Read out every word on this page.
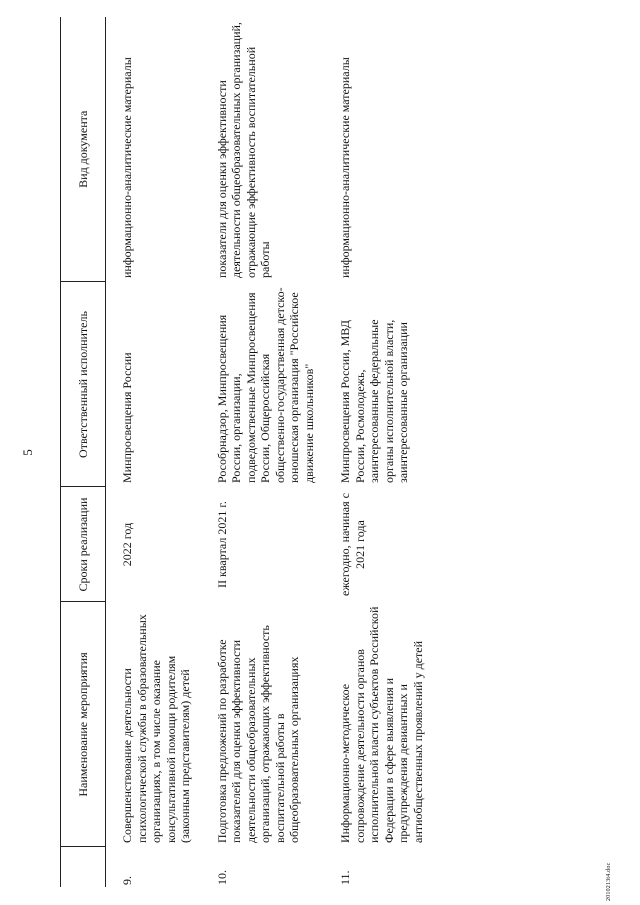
5
	Наименование мероприятия	Сроки реализации	Ответственный исполнитель	Вид документа
9.	Совершенствование деятельности психологической службы в образовательных организациях, в том числе оказание консультативной помощи родителям (законным представителям) детей	2022 год	Минпросвещения России	информационно-аналитические материалы
10.	Подготовка предложений по разработке показателей для оценки эффективности деятельности общеобразовательных организаций, отражающих эффективность воспитательной работы в общеобразовательных организациях	II квартал 2021 г.	Рособрнадзор, Минпросвещения России, организации, подведомственные Минпросвещения России, Общероссийская общественно-государственная детско-юношеская организация "Российское движение школьников"	показатели для оценки эффективности деятельности общеобразовательных организаций, отражающие эффективность воспитательной работы
11.	Информационно-методическое сопровождение деятельности органов исполнительной власти субъектов Российской Федерации в сфере выявления и предупреждения девиантных и антиобщественных проявлений у детей	ежегодно, начиная с 2021 года	Минпросвещения России, МВД России, Росмолодежь, заинтересованные федеральные органы исполнительной власти, заинтересованные организации	информационно-аналитические материалы
2010213t4.doc
